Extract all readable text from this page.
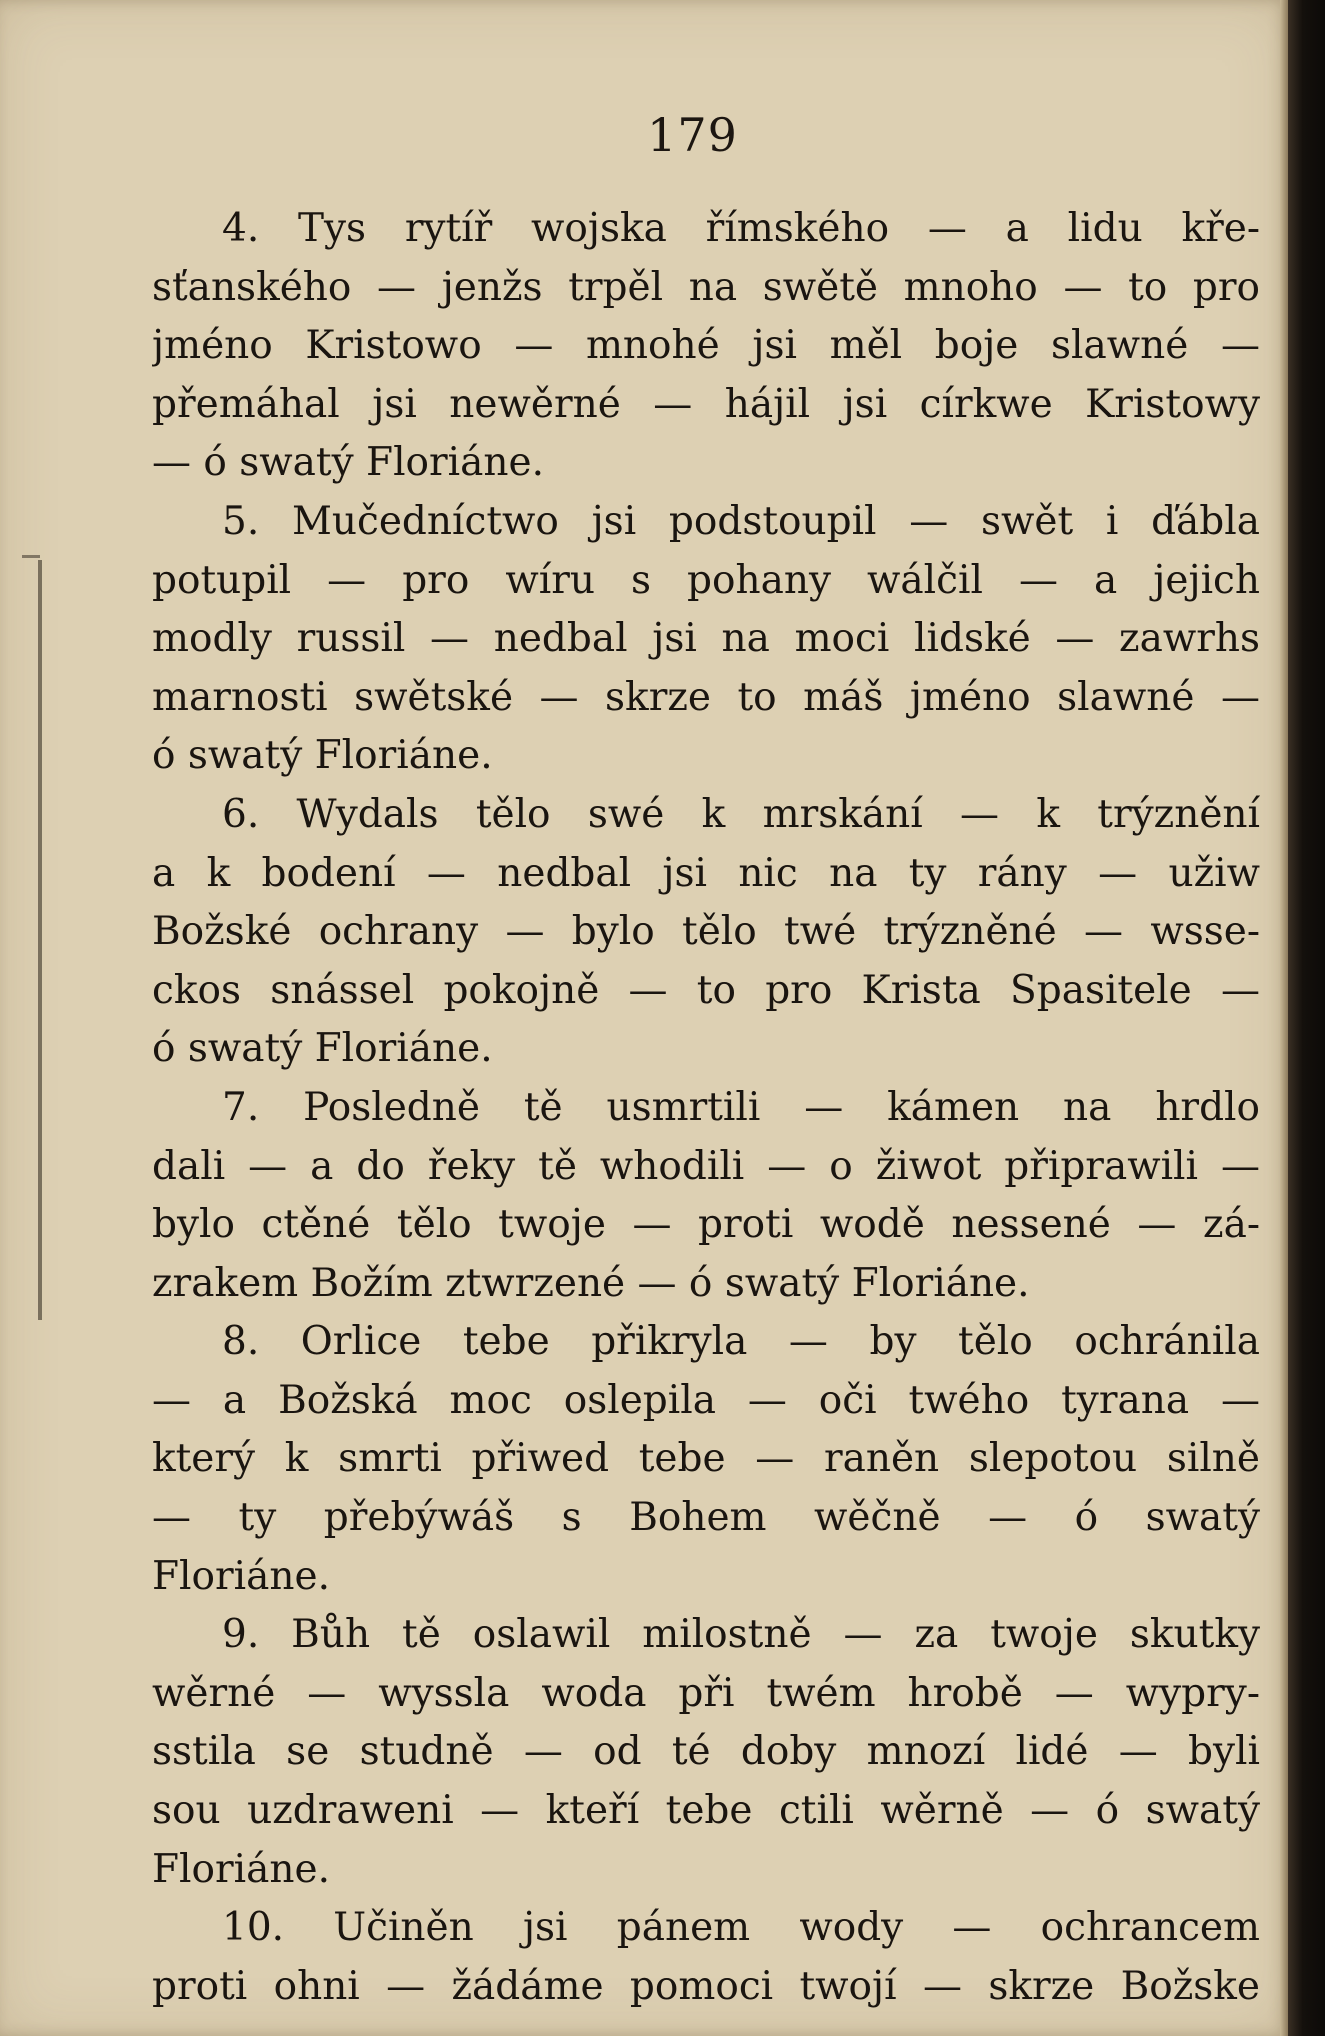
179
4. Tys rytíř wojska římského — a lidu kře-
sťanského — jenžs trpěl na swětě mnoho — to pro
jméno Kristowo — mnohé jsi měl boje slawné —
přemáhal jsi newěrné — hájil jsi církwe Kristowy
— ó swatý Floriáne.
5. Mučedníctwo jsi podstoupil — swět i ďábla
potupil — pro wíru s pohany wálčil — a jejich
modly russil — nedbal jsi na moci lidské — zawrhs
marnosti swětské — skrze to máš jméno slawné —
ó swatý Floriáne.
6. Wydals tělo swé k mrskání — k trýznění
a k bodení — nedbal jsi nic na ty rány — užiw
Božské ochrany — bylo tělo twé trýzněné — wsse-
ckos snássel pokojně — to pro Krista Spasitele —
ó swatý Floriáne.
7. Posledně tě usmrtili — kámen na hrdlo
dali — a do řeky tě whodili — o žiwot připrawili —
bylo ctěné tělo twoje — proti wodě nessené — zá-
zrakem Božím ztwrzené — ó swatý Floriáne.
8. Orlice tebe přikryla — by tělo ochránila
— a Božská moc oslepila — oči twého tyrana —
který k smrti přiwed tebe — raněn slepotou silně
— ty přebýwáš s Bohem wěčně — ó swatý
Floriáne.
9. Bůh tě oslawil milostně — za twoje skutky
wěrné — wyssla woda při twém hrobě — wypry-
sstila se studně — od té doby mnozí lidé — byli
sou uzdraweni — kteří tebe ctili wěrně — ó swatý
Floriáne.
10. Učiněn jsi pánem wody — ochrancem
proti ohni — žádáme pomoci twojí — skrze Božske
